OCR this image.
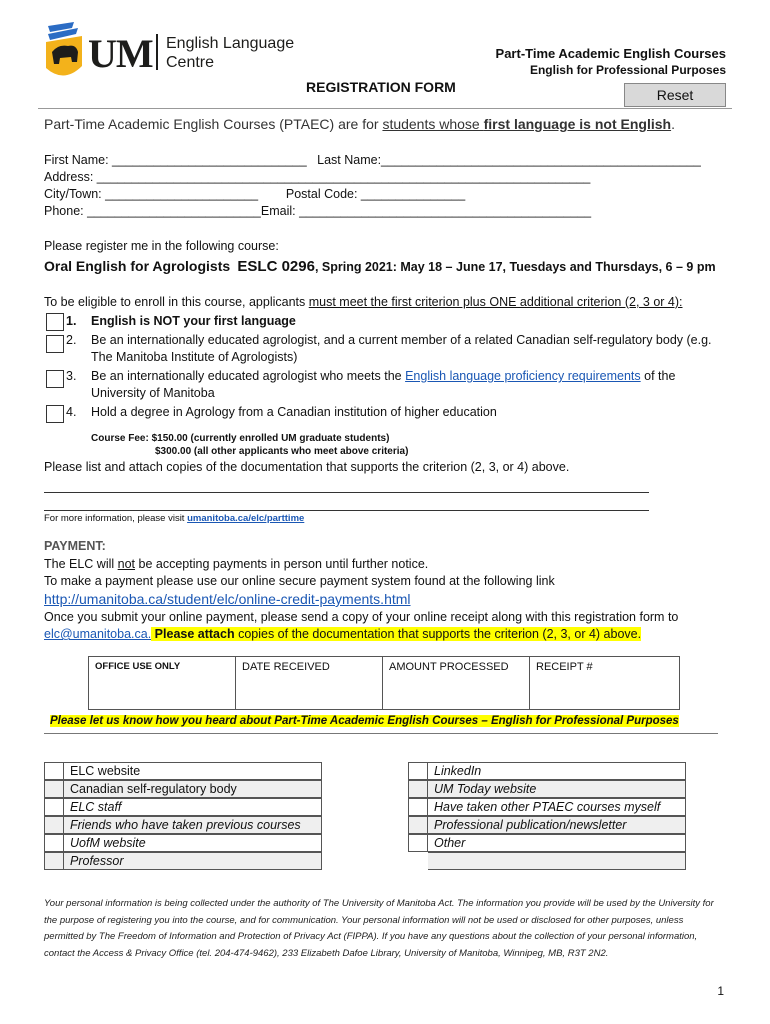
UM English Language
Centre
Part-Time Academic English Courses
English for Professional Purposes
REGISTRATION FORM	Reset
Part-Time Academic English Courses (PTAEC) are for students whose first language is not English.
First Name: ____________________________ Last Name:______________________________________________
Address: _______________________________________________________________________
City/Town: ______________________ Postal Code: _______________
Phone: _________________________Email: __________________________________________
Please register me in the following course:
Oral English for Agrologists ESLC 0296, Spring 2021: May 18 – June 17, Tuesdays and Thursdays, 6 – 9 pm
To be eligible to enroll in this course, applicants must meet the first criterion plus ONE additional criterion (2, 3 or 4):
1. English is NOT your first language
2. Be an internationally educated agrologist, and a current member of a related Canadian self-regulatory body (e.g.
The Manitoba Institute of Agrologists)
3. Be an internationally educated agrologist who meets the English language proficiency requirements of the
University of Manitoba
4. Hold a degree in Agrology from a Canadian institution of higher education
Course Fee: $150.00 (currently enrolled UM graduate students)
$300.00 (all other applicants who meet above criteria)
Please list and attach copies of the documentation that supports the criterion (2, 3, or 4) above.
For more information, please visit umanitoba.ca/elc/parttime
PAYMENT:
The ELC will not be accepting payments in person until further notice.
To make a payment please use our online secure payment system found at the following link
http://umanitoba.ca/student/elc/online-credit-payments.html
Once you submit your online payment, please send a copy of your online receipt along with this registration form to
elc@umanitoba.ca. Please attach copies of the documentation that supports the criterion (2, 3, or 4) above.
OFFICE USE ONLY	DATE RECEIVED	AMOUNT PROCESSED	RECEIPT #
Please let us know how you heard about Part-Time Academic English Courses – English for Professional Purposes
ELC website
Canadian self-regulatory body
ELC staff
Friends who have taken previous courses
UofM website
Professor
LinkedIn
UM Today website
Have taken other PTAEC courses myself
Professional publication/newsletter
Other
Your personal information is being collected under the authority of The University of Manitoba Act. The information you provide will be used by the University for the purpose of registering you into the course, and for communication. Your personal information will not be used or disclosed for other purposes, unless permitted by The Freedom of Information and Protection of Privacy Act (FIPPA). If you have any questions about the collection of your personal information, contact the Access & Privacy Office (tel. 204-474-9462), 233 Elizabeth Dafoe Library, University of Manitoba, Winnipeg, MB, R3T 2N2.
1
